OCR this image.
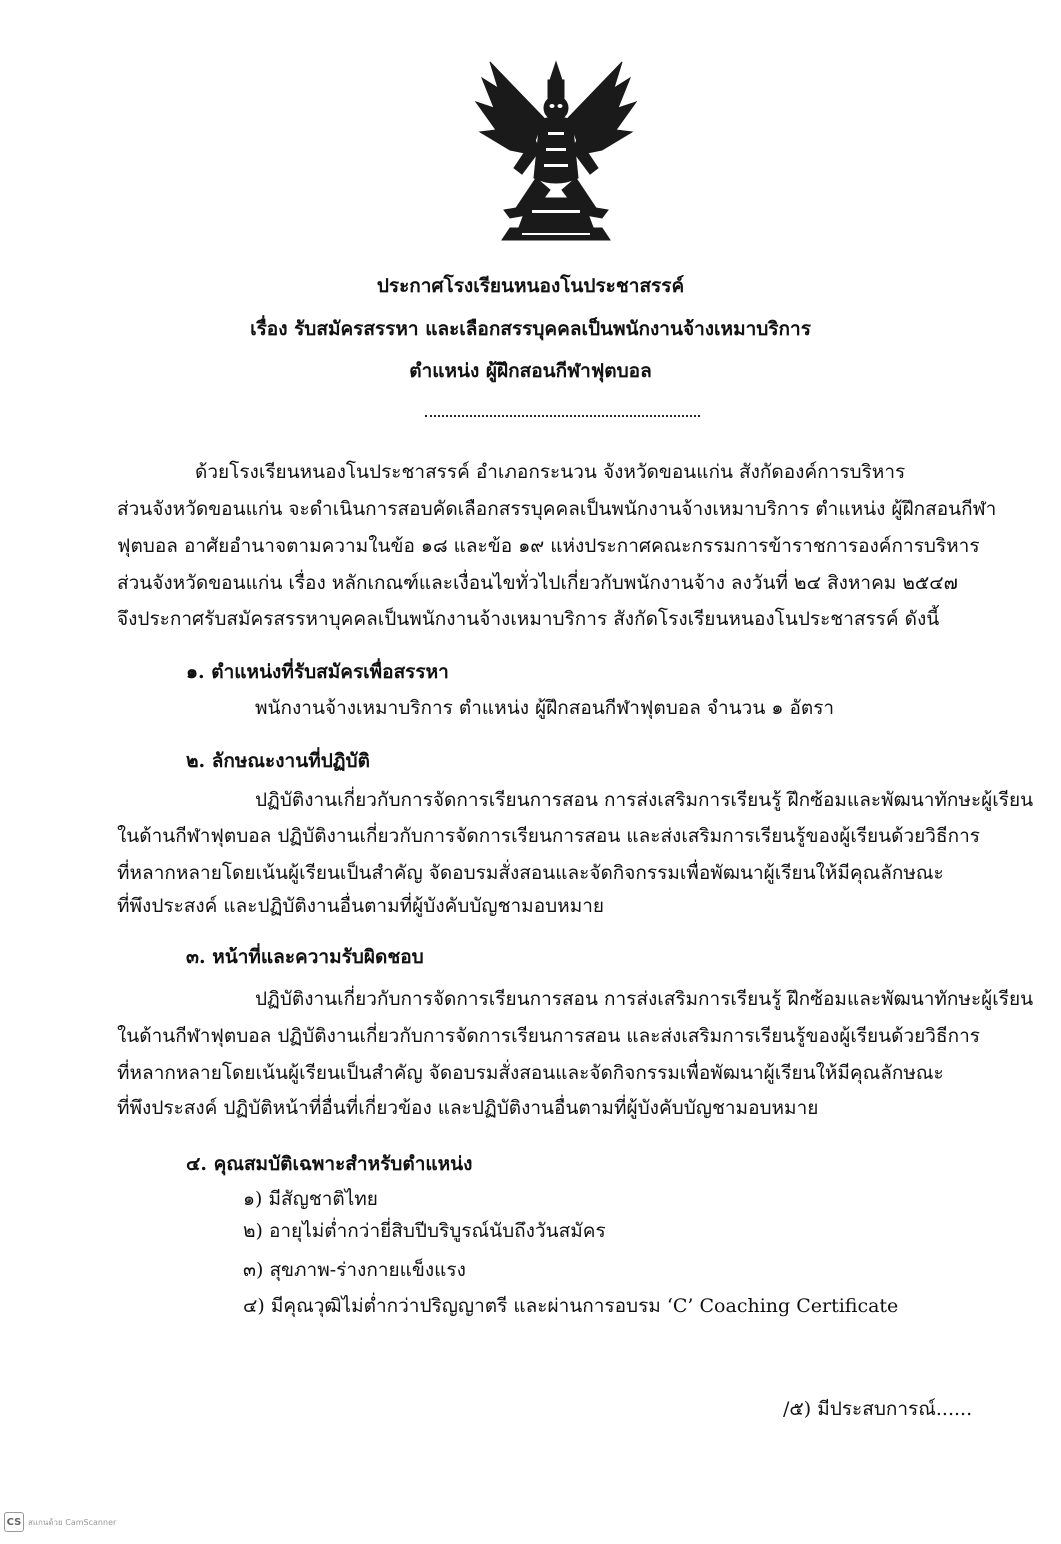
ประกาศโรงเรียนหนองโนประชาสรรค์
เรื่อง รับสมัครสรรหา และเลือกสรรบุคคลเป็นพนักงานจ้างเหมาบริการ
ตำแหน่ง ผู้ฝึกสอนกีฬาฟุตบอล
ด้วยโรงเรียนหนองโนประชาสรรค์ อำเภอกระนวน จังหวัดขอนแก่น สังกัดองค์การบริหาร
ส่วนจังหวัดขอนแก่น จะดำเนินการสอบคัดเลือกสรรบุคคลเป็นพนักงานจ้างเหมาบริการ ตำแหน่ง ผู้ฝึกสอนกีฬา
ฟุตบอล อาศัยอำนาจตามความในข้อ ๑๘ และข้อ ๑๙ แห่งประกาศคณะกรรมการข้าราชการองค์การบริหาร
ส่วนจังหวัดขอนแก่น เรื่อง หลักเกณฑ์และเงื่อนไขทั่วไปเกี่ยวกับพนักงานจ้าง ลงวันที่ ๒๔ สิงหาคม ๒๕๔๗
จึงประกาศรับสมัครสรรหาบุคคลเป็นพนักงานจ้างเหมาบริการ สังกัดโรงเรียนหนองโนประชาสรรค์ ดังนี้
๑. ตำแหน่งที่รับสมัครเพื่อสรรหา
พนักงานจ้างเหมาบริการ ตำแหน่ง ผู้ฝึกสอนกีฬาฟุตบอล จำนวน ๑ อัตรา
๒. ลักษณะงานที่ปฏิบัติ
ปฏิบัติงานเกี่ยวกับการจัดการเรียนการสอน การส่งเสริมการเรียนรู้ ฝึกซ้อมและพัฒนาทักษะผู้เรียน
ในด้านกีฬาฟุตบอล ปฏิบัติงานเกี่ยวกับการจัดการเรียนการสอน และส่งเสริมการเรียนรู้ของผู้เรียนด้วยวิธีการ
ที่หลากหลายโดยเน้นผู้เรียนเป็นสำคัญ จัดอบรมสั่งสอนและจัดกิจกรรมเพื่อพัฒนาผู้เรียนให้มีคุณลักษณะ
ที่พึงประสงค์ และปฏิบัติงานอื่นตามที่ผู้บังคับบัญชามอบหมาย
๓. หน้าที่และความรับผิดชอบ
ปฏิบัติงานเกี่ยวกับการจัดการเรียนการสอน การส่งเสริมการเรียนรู้ ฝึกซ้อมและพัฒนาทักษะผู้เรียน
ในด้านกีฬาฟุตบอล ปฏิบัติงานเกี่ยวกับการจัดการเรียนการสอน และส่งเสริมการเรียนรู้ของผู้เรียนด้วยวิธีการ
ที่หลากหลายโดยเน้นผู้เรียนเป็นสำคัญ จัดอบรมสั่งสอนและจัดกิจกรรมเพื่อพัฒนาผู้เรียนให้มีคุณลักษณะ
ที่พึงประสงค์ ปฏิบัติหน้าที่อื่นที่เกี่ยวข้อง และปฏิบัติงานอื่นตามที่ผู้บังคับบัญชามอบหมาย
๔. คุณสมบัติเฉพาะสำหรับตำแหน่ง
๑) มีสัญชาติไทย
๒) อายุไม่ต่ำกว่ายี่สิบปีบริบูรณ์นับถึงวันสมัคร
๓) สุขภาพ-ร่างกายแข็งแรง
๔) มีคุณวุฒิไม่ต่ำกว่าปริญญาตรี และผ่านการอบรม ‘C’ Coaching Certificate
/๕) มีประสบการณ์......
CS สแกนด้วย CamScanner
